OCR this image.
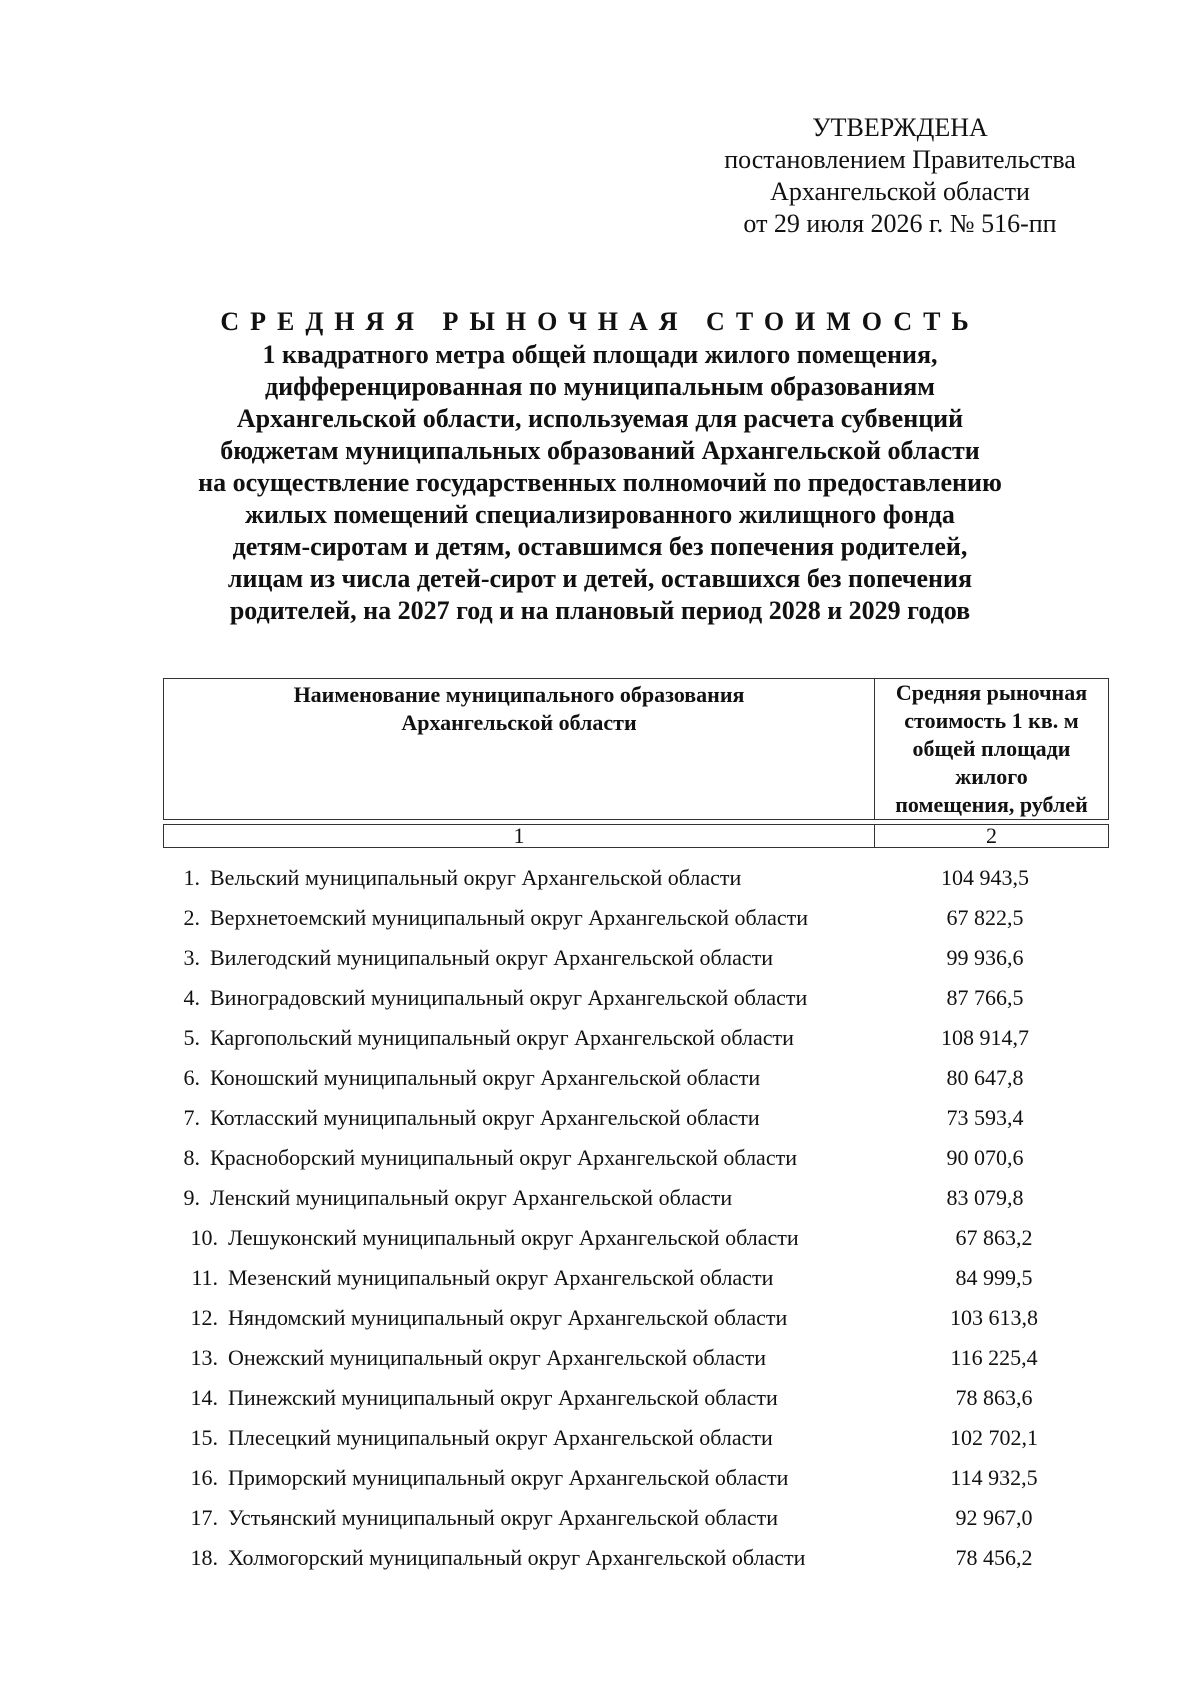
УТВЕРЖДЕНА
постановлением Правительства
Архангельской области
от 29 июля 2026 г. № 516-пп
СРЕДНЯЯ РЫНОЧНАЯ СТОИМОСТЬ
1 квадратного метра общей площади жилого помещения,
дифференцированная по муниципальным образованиям
Архангельской области, используемая для расчета субвенций
бюджетам муниципальных образований Архангельской области
на осуществление государственных полномочий по предоставлению
жилых помещений специализированного жилищного фонда
детям-сиротам и детям, оставшимся без попечения родителей,
лицам из числа детей-сирот и детей, оставшихся без попечения
родителей, на 2027 год и на плановый период 2028 и 2029 годов
Наименование муниципального образования
Архангельской области	Средняя рыночная
стоимость 1 кв. м
общей площади
жилого
помещения, рублей

1	2
1. Вельский муниципальный округ Архангельской области	104 943,5
2. Верхнетоемский муниципальный округ Архангельской области	67 822,5
3. Вилегодский муниципальный округ Архангельской области	99 936,6
4. Виноградовский муниципальный округ Архангельской области	87 766,5
5. Каргопольский муниципальный округ Архангельской области	108 914,7
6. Коношский муниципальный округ Архангельской области	80 647,8
7. Котласский муниципальный округ Архангельской области	73 593,4
8. Красноборский муниципальный округ Архангельской области	90 070,6
9. Ленский муниципальный округ Архангельской области	83 079,8
10. Лешуконский муниципальный округ Архангельской области	67 863,2
11. Мезенский муниципальный округ Архангельской области	84 999,5
12. Няндомский муниципальный округ Архангельской области	103 613,8
13. Онежский муниципальный округ Архангельской области	116 225,4
14. Пинежский муниципальный округ Архангельской области	78 863,6
15. Плесецкий муниципальный округ Архангельской области	102 702,1
16. Приморский муниципальный округ Архангельской области	114 932,5
17. Устьянский муниципальный округ Архангельской области	92 967,0
18. Холмогорский муниципальный округ Архангельской области	78 456,2
